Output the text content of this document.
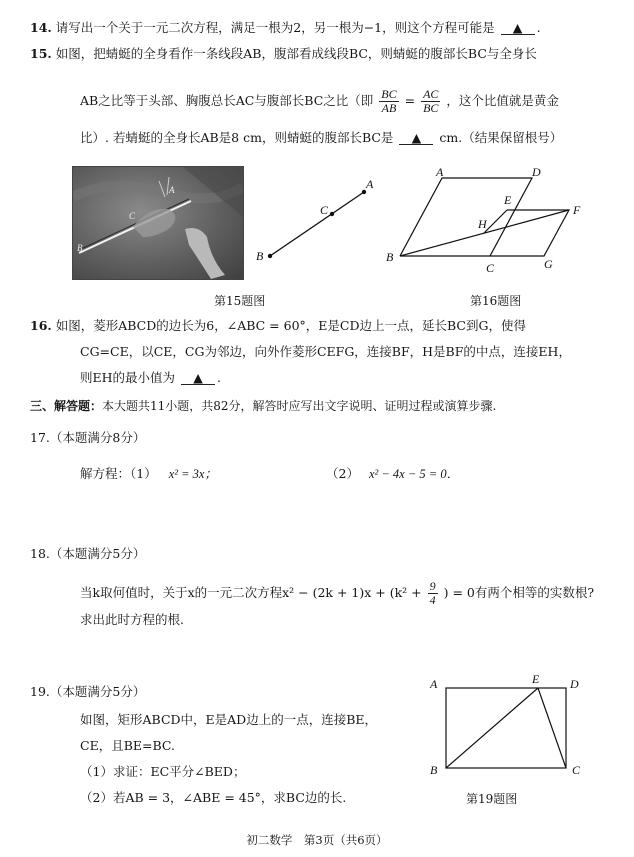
14. 请写出一个关于一元二次方程，满足一根为2，另一根为−1，则这个方程可能是 ▲ .
15. 如图，把蜻蜓的全身看作一条线段AB，腹部看成线段BC，则蜻蜓的腹部长BC与全身长
AB之比等于头部、胸腹总长AC与腹部长BC之比（即 $\frac{BC}{AB} = \frac{AC}{BC}$ ，这个比值就是黄金
比）. 若蜻蜓的全身长AB是8 cm，则蜻蜓的腹部长BC是 ▲ cm.（结果保留根号）
A
C
B
A
C
B
第15题图
A	D
E
F
H
B
C	G
第16题图
16. 如图，菱形ABCD的边长为6，∠ABC = 60°，E是CD边上一点，延长BC到G，使得
CG=CE，以CE，CG为邻边，向外作菱形CEFG，连接BF，H是BF的中点，连接EH，
则EH的最小值为 ▲ .
三、解答题：本大题共11小题，共82分，解答时应写出文字说明、证明过程或演算步骤.
17.（本题满分8分）
解方程：（1） x² = 3x；	（2） x² − 4x − 5 = 0．
18.（本题满分5分）
当k取何值时，关于x的一元二次方程$x^2 - (2k + 1)x + (k^2 + \frac{9}{4}$ ) = 0有两个相等的实数根?
求出此时方程的根.
19.（本题满分5分）
如图，矩形ABCD中，E是AD边上的一点，连接BE，
CE，且BE=BC.
（1）求证：EC平分∠BED；
（2）若AB = 3，∠ABE = 45°，求BC边的长.
A	E	D
B	C
第19题图
初二数学　第3页（共6页）
